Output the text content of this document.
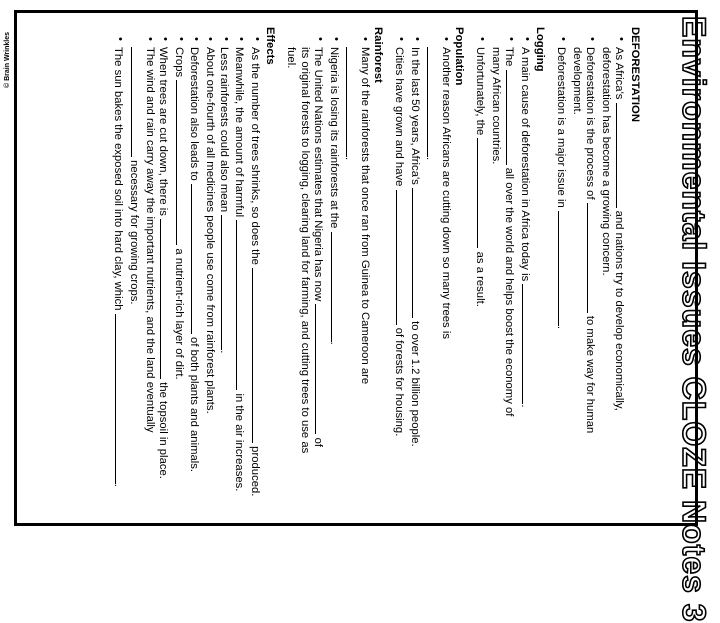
Environmental Issues CLOZE Notes 3
DEFORESTATION
• As Africa's  and nations try to develop economically,
deforestation has become a growing concern.
• Deforestation is the process of  to make way for human
development.
• Deforestation is a major issue in .
Logging
• A main cause of deforestation in Africa today is .
• The  all over the world and helps boost the economy of
many African countries.
• Unfortunately, the  as a result.
Population
• Another reason Africans are cutting down so many trees is
.
• In the last 50 years, Africa's  to over 1.2 billion people.
• Cities have grown and have  of forests for housing.
Rainforest
• Many of the rainforests that once ran from Guinea to Cameroon are
.
• Nigeria is losing its rainforests at the .
• The United Nations estimates that Nigeria has now  of
its original forests to logging, clearing land for farming, and cutting trees to use as
fuel.
Effects
• As the number of trees shrinks, so does the  produced.
• Meanwhile, the amount of harmful  in the air increases.
• Less rainforests could also mean .
• About one-fourth of all medicines people use come from rainforest plants.
• Deforestation also leads to  of both plants and animals.
• Crops  a nutrient-rich layer of dirt.
• When trees are cut down, there is  the topsoil in place.
• The wind and rain carry away the important nutrients, and the land eventually
necessary for growing crops.
• The sun bakes the exposed soil into hard clay, which .
© Brain Wrinkles
